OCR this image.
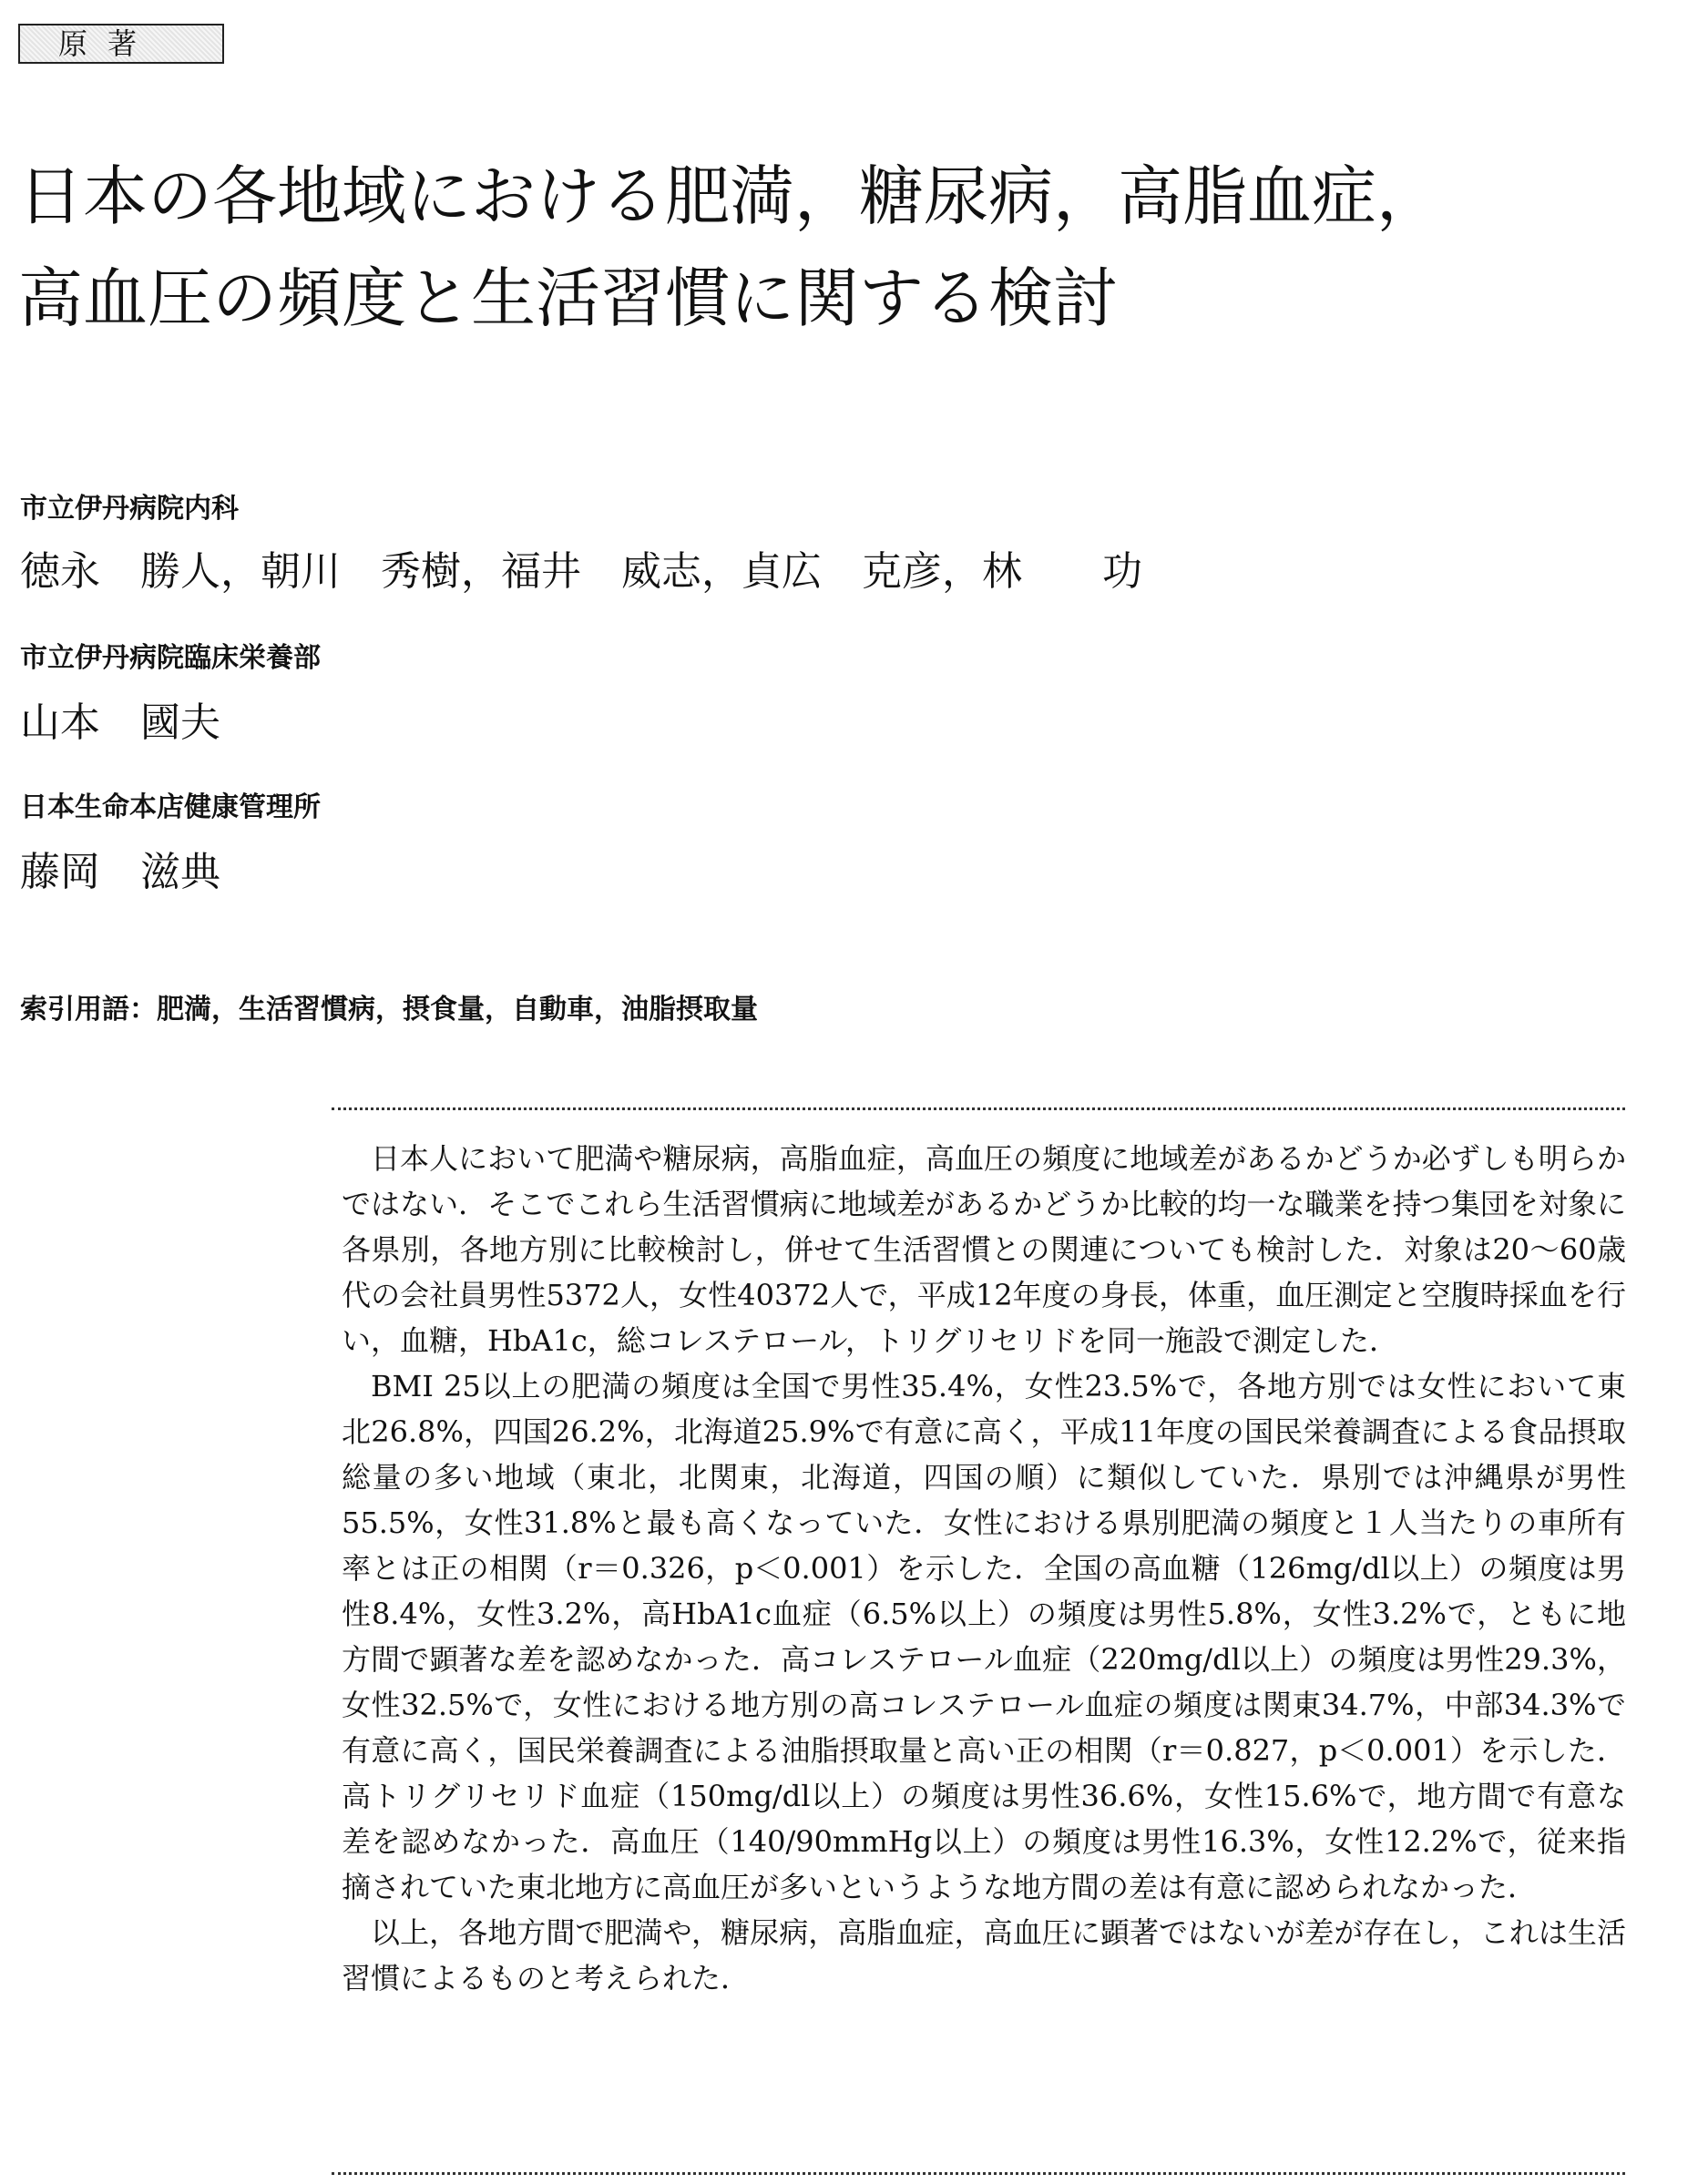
原著
日本の各地域における肥満，糖尿病，高脂血症，
高血圧の頻度と生活習慣に関する検討
市立伊丹病院内科
徳永　勝人，朝川　秀樹，福井　威志，貞広　克彦，林　　功
市立伊丹病院臨床栄養部
山本　國夫
日本生命本店健康管理所
藤岡　滋典
索引用語：肥満，生活習慣病，摂食量，自動車，油脂摂取量

日本人において肥満や糖尿病，高脂血症，高血圧の頻度に地域差があるかどうか必ずしも明らかではない．そこでこれら生活習慣病に地域差があるかどうか比較的均一な職業を持つ集団を対象に各県別，各地方別に比較検討し，併せて生活習慣との関連についても検討した．対象は20～60歳代の会社員男性5372人，女性40372人で，平成12年度の身長，体重，血圧測定と空腹時採血を行い，血糖，HbA1c，総コレステロール，トリグリセリドを同一施設で測定した．

BMI 25以上の肥満の頻度は全国で男性35.4%，女性23.5%で，各地方別では女性において東北26.8%，四国26.2%，北海道25.9%で有意に高く，平成11年度の国民栄養調査による食品摂取総量の多い地域（東北，北関東，北海道，四国の順）に類似していた．県別では沖縄県が男性55.5%，女性31.8%と最も高くなっていた．女性における県別肥満の頻度と１人当たりの車所有率とは正の相関（r＝0.326，p＜0.001）を示した．全国の高血糖（126mg/dl以上）の頻度は男性8.4%，女性3.2%，高HbA1c血症（6.5%以上）の頻度は男性5.8%，女性3.2%で，ともに地方間で顕著な差を認めなかった．高コレステロール血症（220mg/dl以上）の頻度は男性29.3%，女性32.5%で，女性における地方別の高コレステロール血症の頻度は関東34.7%，中部34.3%で有意に高く，国民栄養調査による油脂摂取量と高い正の相関（r＝0.827，p＜0.001）を示した．高トリグリセリド血症（150mg/dl以上）の頻度は男性36.6%，女性15.6%で，地方間で有意な差を認めなかった．高血圧（140/90mmHg以上）の頻度は男性16.3%，女性12.2%で，従来指摘されていた東北地方に高血圧が多いというような地方間の差は有意に認められなかった．

以上，各地方間で肥満や，糖尿病，高脂血症，高血圧に顕著ではないが差が存在し，これは生活習慣によるものと考えられた．
